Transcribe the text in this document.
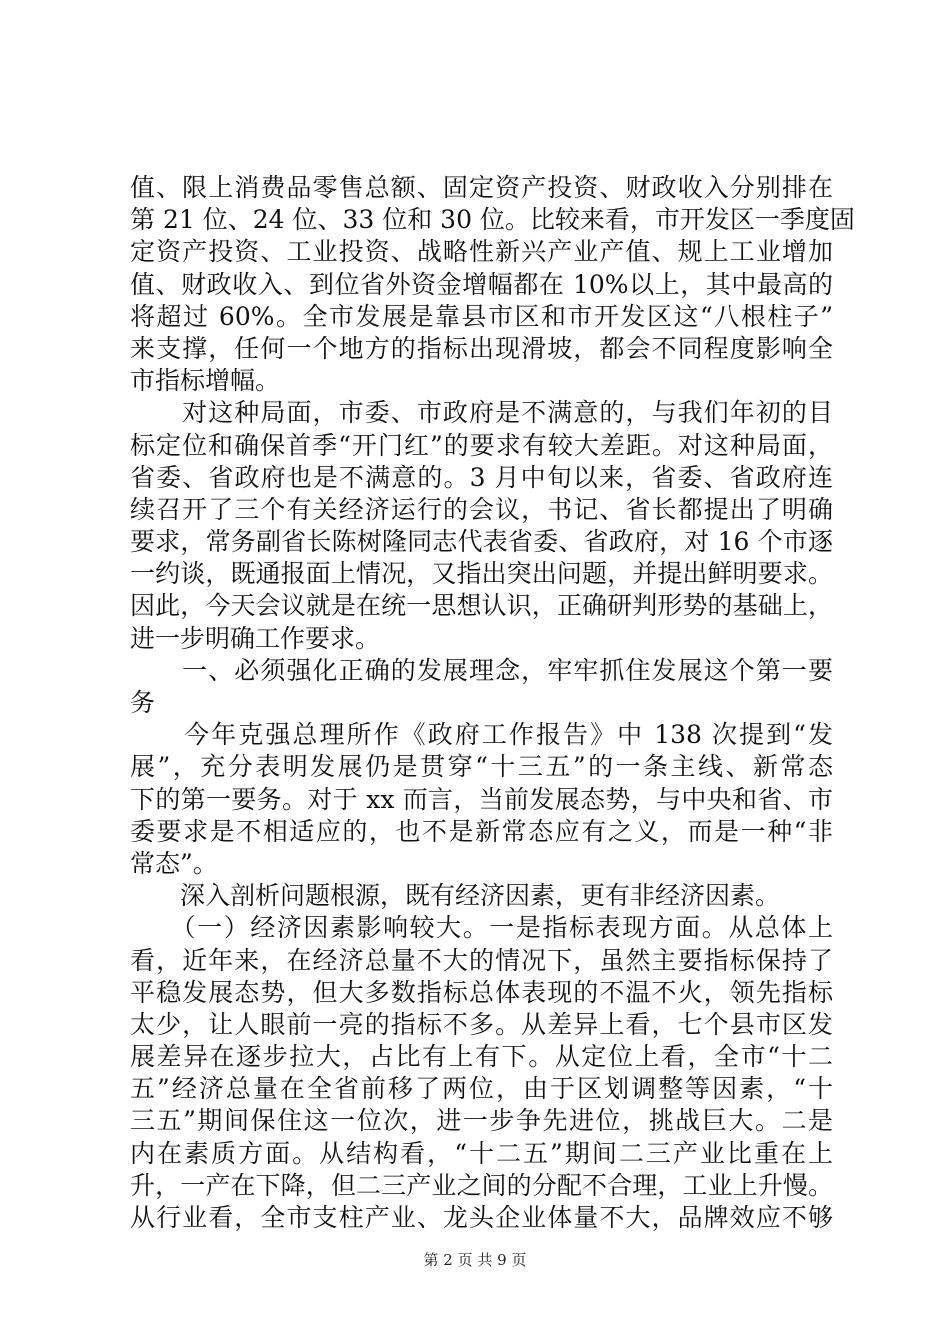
值、限上消费品零售总额、固定资产投资、财政收入分别排在
第 21 位、24 位、33 位和 30 位。比较来看，市开发区一季度固
定资产投资、工业投资、战略性新兴产业产值、规上工业增加
值、财政收入、到位省外资金增幅都在 10%以上，其中最高的
将超过 60%。全市发展是靠县市区和市开发区这“八根柱子”
来支撑，任何一个地方的指标出现滑坡，都会不同程度影响全
市指标增幅。
　　对这种局面，市委、市政府是不满意的，与我们年初的目
标定位和确保首季“开门红”的要求有较大差距。对这种局面，
省委、省政府也是不满意的。3 月中旬以来，省委、省政府连
续召开了三个有关经济运行的会议，书记、省长都提出了明确
要求，常务副省长陈树隆同志代表省委、省政府，对 16 个市逐
一约谈，既通报面上情况，又指出突出问题，并提出鲜明要求。
因此，今天会议就是在统一思想认识，正确研判形势的基础上，
进一步明确工作要求。
　　一、必须强化正确的发展理念，牢牢抓住发展这个第一要
务
　　今年克强总理所作《政府工作报告》中 138 次提到“发
展”，充分表明发展仍是贯穿“十三五”的一条主线、新常态
下的第一要务。对于 xx 而言，当前发展态势，与中央和省、市
委要求是不相适应的，也不是新常态应有之义，而是一种“非
常态”。
　　深入剖析问题根源，既有经济因素，更有非经济因素。
　　（一）经济因素影响较大。一是指标表现方面。从总体上
看，近年来，在经济总量不大的情况下，虽然主要指标保持了
平稳发展态势，但大多数指标总体表现的不温不火，领先指标
太少，让人眼前一亮的指标不多。从差异上看，七个县市区发
展差异在逐步拉大，占比有上有下。从定位上看，全市“十二
五”经济总量在全省前移了两位，由于区划调整等因素，“十
三五”期间保住这一位次，进一步争先进位，挑战巨大。二是
内在素质方面。从结构看，“十二五”期间二三产业比重在上
升，一产在下降，但二三产业之间的分配不合理，工业上升慢。
从行业看，全市支柱产业、龙头企业体量不大，品牌效应不够
第 2 页 共 9 页
